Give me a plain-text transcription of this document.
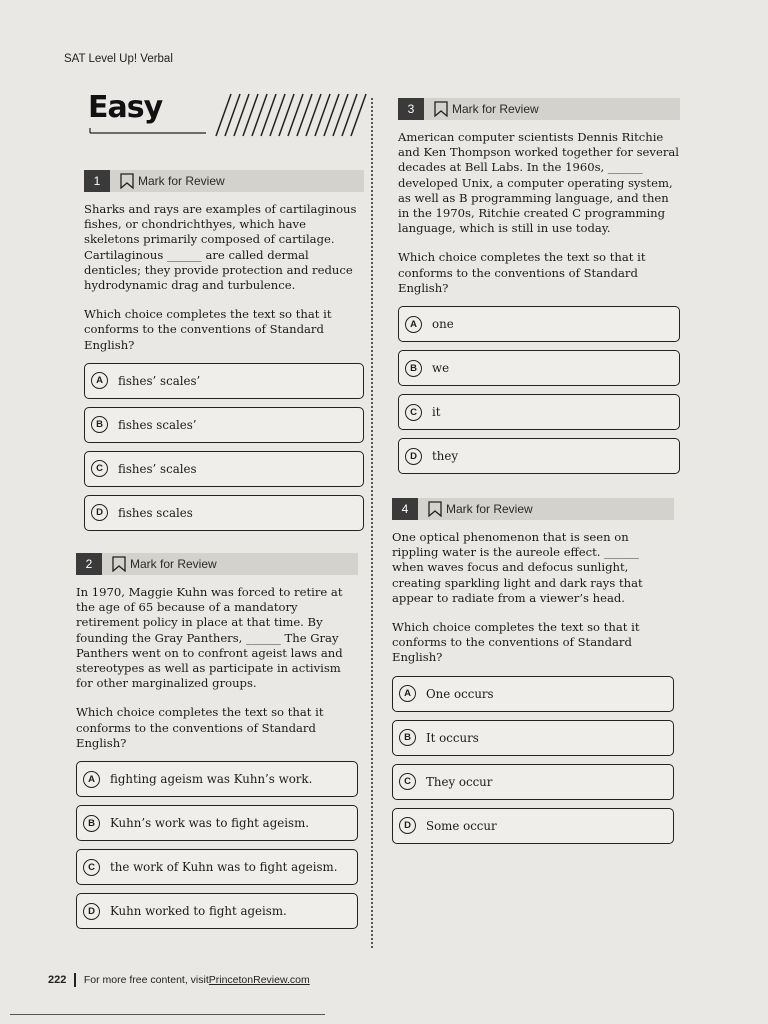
SAT Level Up! Verbal
Easy
1	Mark for Review
Sharks and rays are examples of cartilaginous fishes, or chondrichthyes, which have skeletons primarily composed of cartilage. Cartilaginous ______ are called dermal denticles; they provide protection and reduce hydrodynamic drag and turbulence.
Which choice completes the text so that it conforms to the conventions of Standard English?
A	fishes’ scales’
B	fishes scales’
C	fishes’ scales
D	fishes scales
2	Mark for Review
In 1970, Maggie Kuhn was forced to retire at the age of 65 because of a mandatory retirement policy in place at that time. By founding the Gray Panthers, ______ The Gray Panthers went on to confront ageist laws and stereotypes as well as participate in activism for other marginalized groups.
Which choice completes the text so that it conforms to the conventions of Standard English?
A	fighting ageism was Kuhn’s work.
B	Kuhn’s work was to fight ageism.
C	the work of Kuhn was to fight ageism.
D	Kuhn worked to fight ageism.
3	Mark for Review
American computer scientists Dennis Ritchie and Ken Thompson worked together for several decades at Bell Labs. In the 1960s, ______ developed Unix, a computer operating system, as well as B programming language, and then in the 1970s, Ritchie created C programming language, which is still in use today.
Which choice completes the text so that it conforms to the conventions of Standard English?
A	one
B	we
C	it
D	they
4	Mark for Review
One optical phenomenon that is seen on rippling water is the aureole effect. ______ when waves focus and defocus sunlight, creating sparkling light and dark rays that appear to radiate from a viewer’s head.
Which choice completes the text so that it conforms to the conventions of Standard English?
A	One occurs
B	It occurs
C	They occur
D	Some occur
222 For more free content, visit PrincetonReview.com
